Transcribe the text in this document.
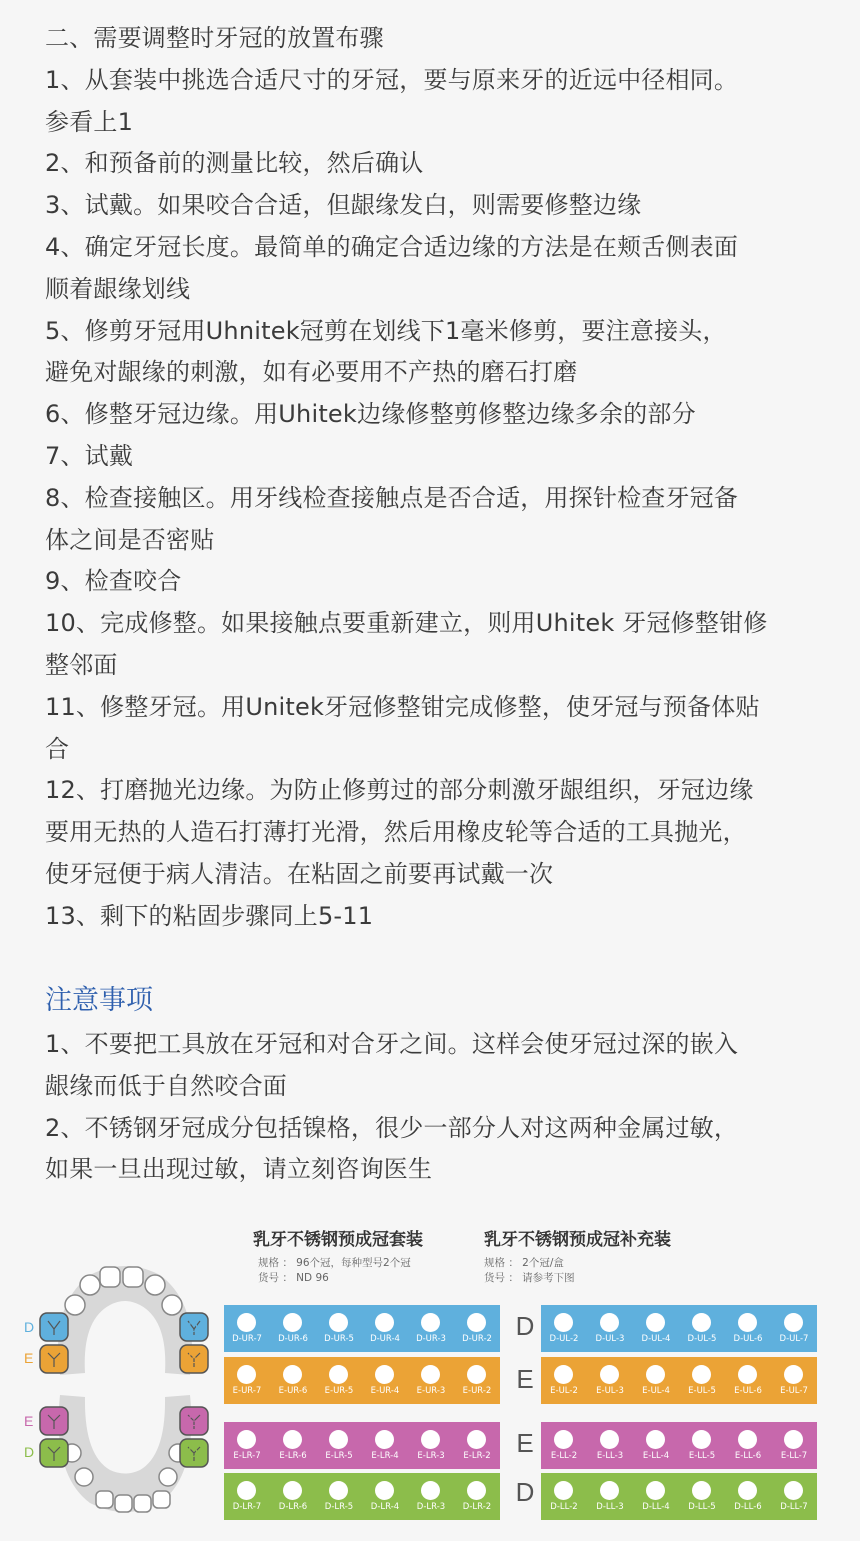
二、需要调整时牙冠的放置布骤
1、从套装中挑选合适尺寸的牙冠，要与原来牙的近远中径相同。
参看上1
2、和预备前的测量比较，然后确认
3、试戴。如果咬合合适，但龈缘发白，则需要修整边缘
4、确定牙冠长度。最简单的确定合适边缘的方法是在颊舌侧表面
顺着龈缘划线
5、修剪牙冠用Uhnitek冠剪在划线下1毫米修剪，要注意接头，
避免对龈缘的刺激，如有必要用不产热的磨石打磨
6、修整牙冠边缘。用Uhitek边缘修整剪修整边缘多余的部分
7、试戴
8、检查接触区。用牙线检查接触点是否合适，用探针检查牙冠备
体之间是否密贴
9、检查咬合
10、完成修整。如果接触点要重新建立，则用Uhitek 牙冠修整钳修
整邻面
11、修整牙冠。用Unitek牙冠修整钳完成修整，使牙冠与预备体贴
合
12、打磨抛光边缘。为防止修剪过的部分刺激牙龈组织，牙冠边缘
要用无热的人造石打薄打光滑，然后用橡皮轮等合适的工具抛光，
使牙冠便于病人清洁。在粘固之前要再试戴一次
13、剩下的粘固步骤同上5-11
注意事项
1、不要把工具放在牙冠和对合牙之间。这样会使牙冠过深的嵌入
龈缘而低于自然咬合面
2、不锈钢牙冠成分包括镍格，很少一部分人对这两种金属过敏，
如果一旦出现过敏，请立刻咨询医生
D
E
E
D
D
E
E
D
乳牙不锈钢预成冠套装
规格 ： 96个冠，每种型号2个冠
货号 ： ND 96
乳牙不锈钢预成冠补充装
规格 ： 2个冠/盒
货号 ： 请参考下图
D-UR-7	D-UR-6	D-UR-5	D-UR-4	D-UR-3	D-UR-2
E-UR-7	E-UR-6	E-UR-5	E-UR-4	E-UR-3	E-UR-2
E-LR-7	E-LR-6	E-LR-5	E-LR-4	E-LR-3	E-LR-2
D-LR-7	D-LR-6	D-LR-5	D-LR-4	D-LR-3	D-LR-2
D-UL-2	D-UL-3	D-UL-4	D-UL-5	D-UL-6	D-UL-7
E-UL-2	E-UL-3	E-UL-4	E-UL-5	E-UL-6	E-UL-7
E-LL-2	E-LL-3	E-LL-4	E-LL-5	E-LL-6	E-LL-7
D-LL-2	D-LL-3	D-LL-4	D-LL-5	D-LL-6	D-LL-7
D
E
E
D
